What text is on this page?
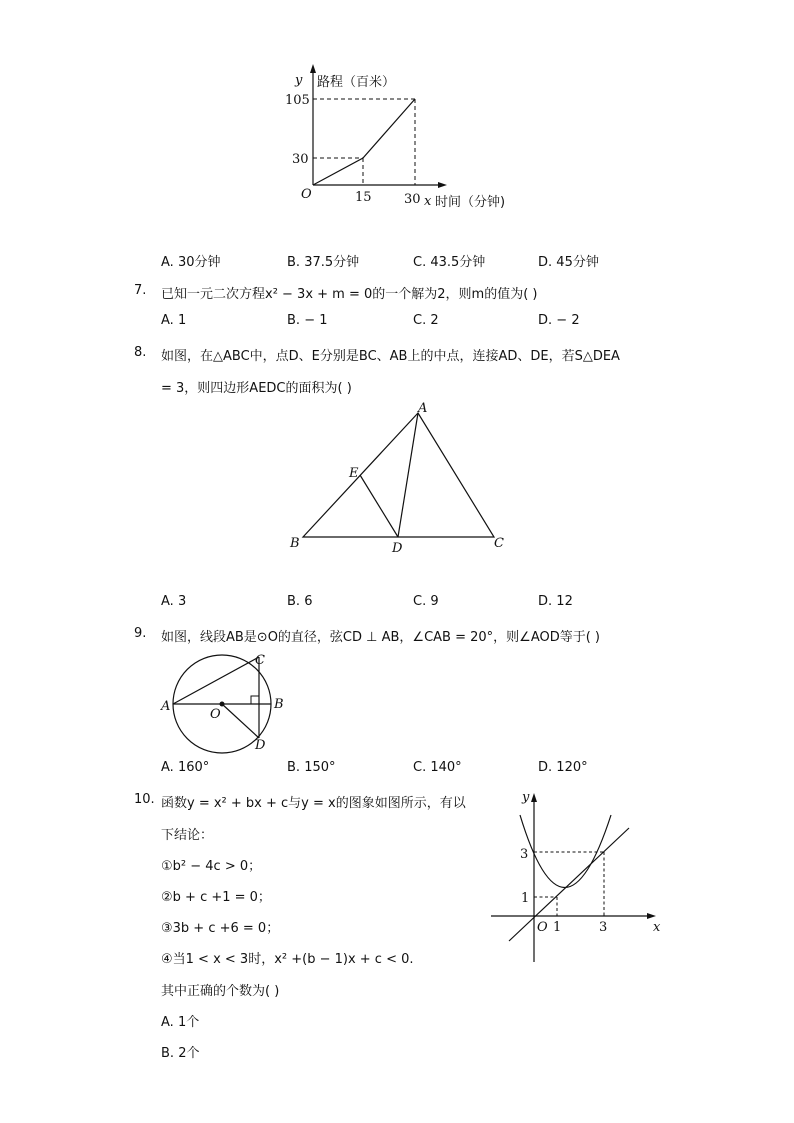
y 路程（百米）
105
30
O	15 30 x 时间（分钟)
A. 30分钟	B. 37.5分钟	C. 43.5分钟	D. 45分钟
7. 已知一元二次方程x² − 3x + m = 0的一个解为2，则m的值为( )
A. 1	B. − 1	C. 2	D. − 2
8. 如图，在△ABC中，点D、E分别是BC、AB上的中点，连接AD、DE，若S△DEA
= 3，则四边形AEDC的面积为( )
A
E
B	D	C
A. 3	B. 6	C. 9	D. 12
9. 如图，线段AB是⊙O的直径，弦CD ⊥ AB，∠CAB = 20°，则∠AOD等于( )
A
O
B
C
D
A. 160°	B. 150°	C. 140°	D. 120°
10. 函数y = x² + bx + c与y = x的图象如图所示，有以
下结论：
①b² − 4c > 0；
②b + c +1 = 0；
③3b + c +6 = 0；
④当1 < x < 3时，x² +(b − 1)x + c < 0.
其中正确的个数为( )
A. 1个
B. 2个
y
3
1
O 1	3	x
